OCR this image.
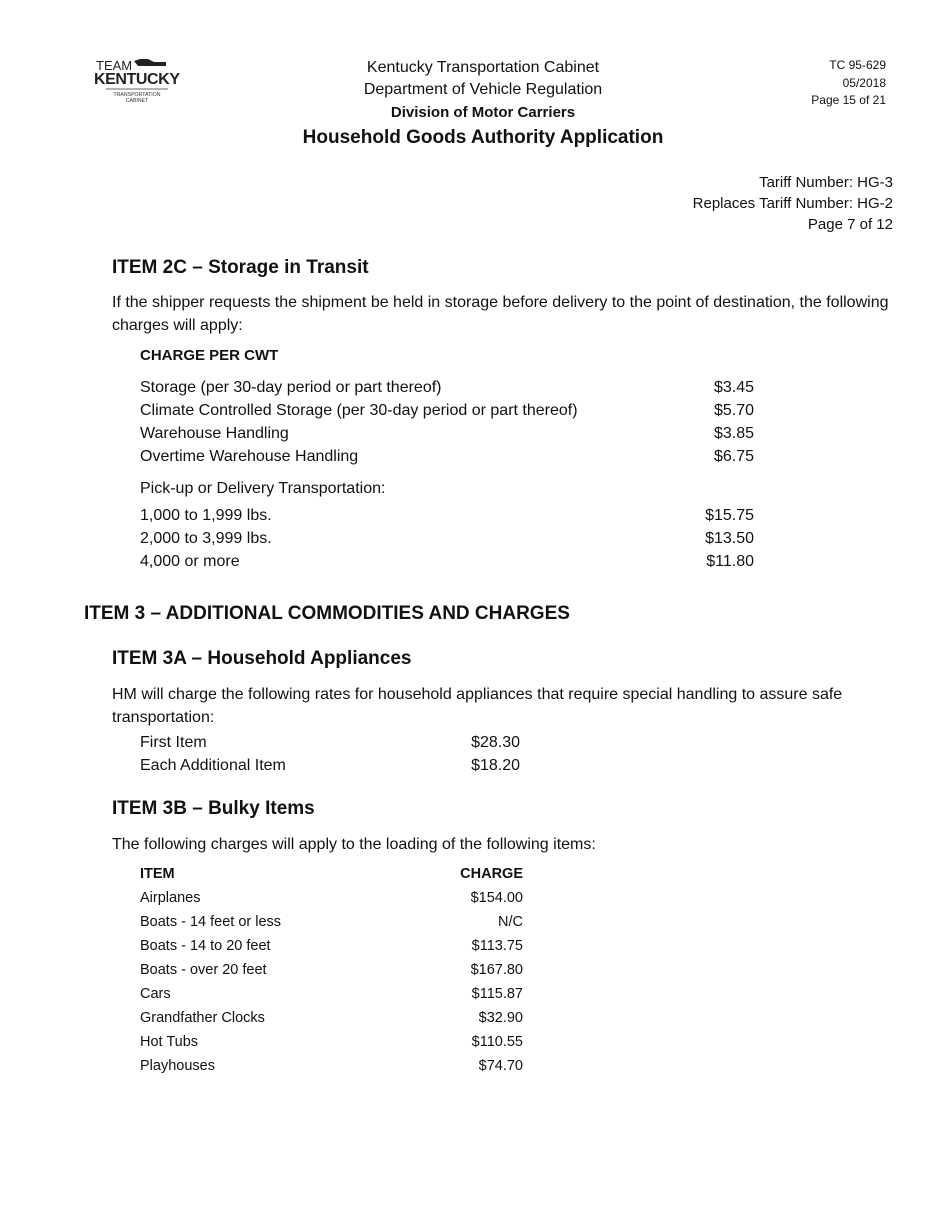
TEAM
KENTUCKY
TRANSPORTATION
CABINET
Kentucky Transportation Cabinet
Department of Vehicle Regulation
Division of Motor Carriers
Household Goods Authority Application
TC 95-629
05/2018
Page 15 of 21
Tariff Number: HG-3
Replaces Tariff Number: HG-2
Page 7 of 12
ITEM 2C – Storage in Transit
If the shipper requests the shipment be held in storage before delivery to the point of destination, the following charges will apply:
CHARGE PER CWT
Storage (per 30-day period or part thereof)	$3.45
Climate Controlled Storage (per 30-day period or part thereof)	$5.70
Warehouse Handling	$3.85
Overtime Warehouse Handling	$6.75
Pick-up or Delivery Transportation:
1,000 to 1,999 lbs.	$15.75
2,000 to 3,999 lbs.	$13.50
4,000 or more	$11.80
ITEM 3 – ADDITIONAL COMMODITIES AND CHARGES
ITEM 3A – Household Appliances
HM will charge the following rates for household appliances that require special handling to assure safe transportation:
First Item	$28.30
Each Additional Item	$18.20
ITEM 3B – Bulky Items
The following charges will apply to the loading of the following items:
ITEM	CHARGE
Airplanes	$154.00
Boats - 14 feet or less	N/C
Boats - 14 to 20 feet	$113.75
Boats - over 20 feet	$167.80
Cars	$115.87
Grandfather Clocks	$32.90
Hot Tubs	$110.55
Playhouses	$74.70
